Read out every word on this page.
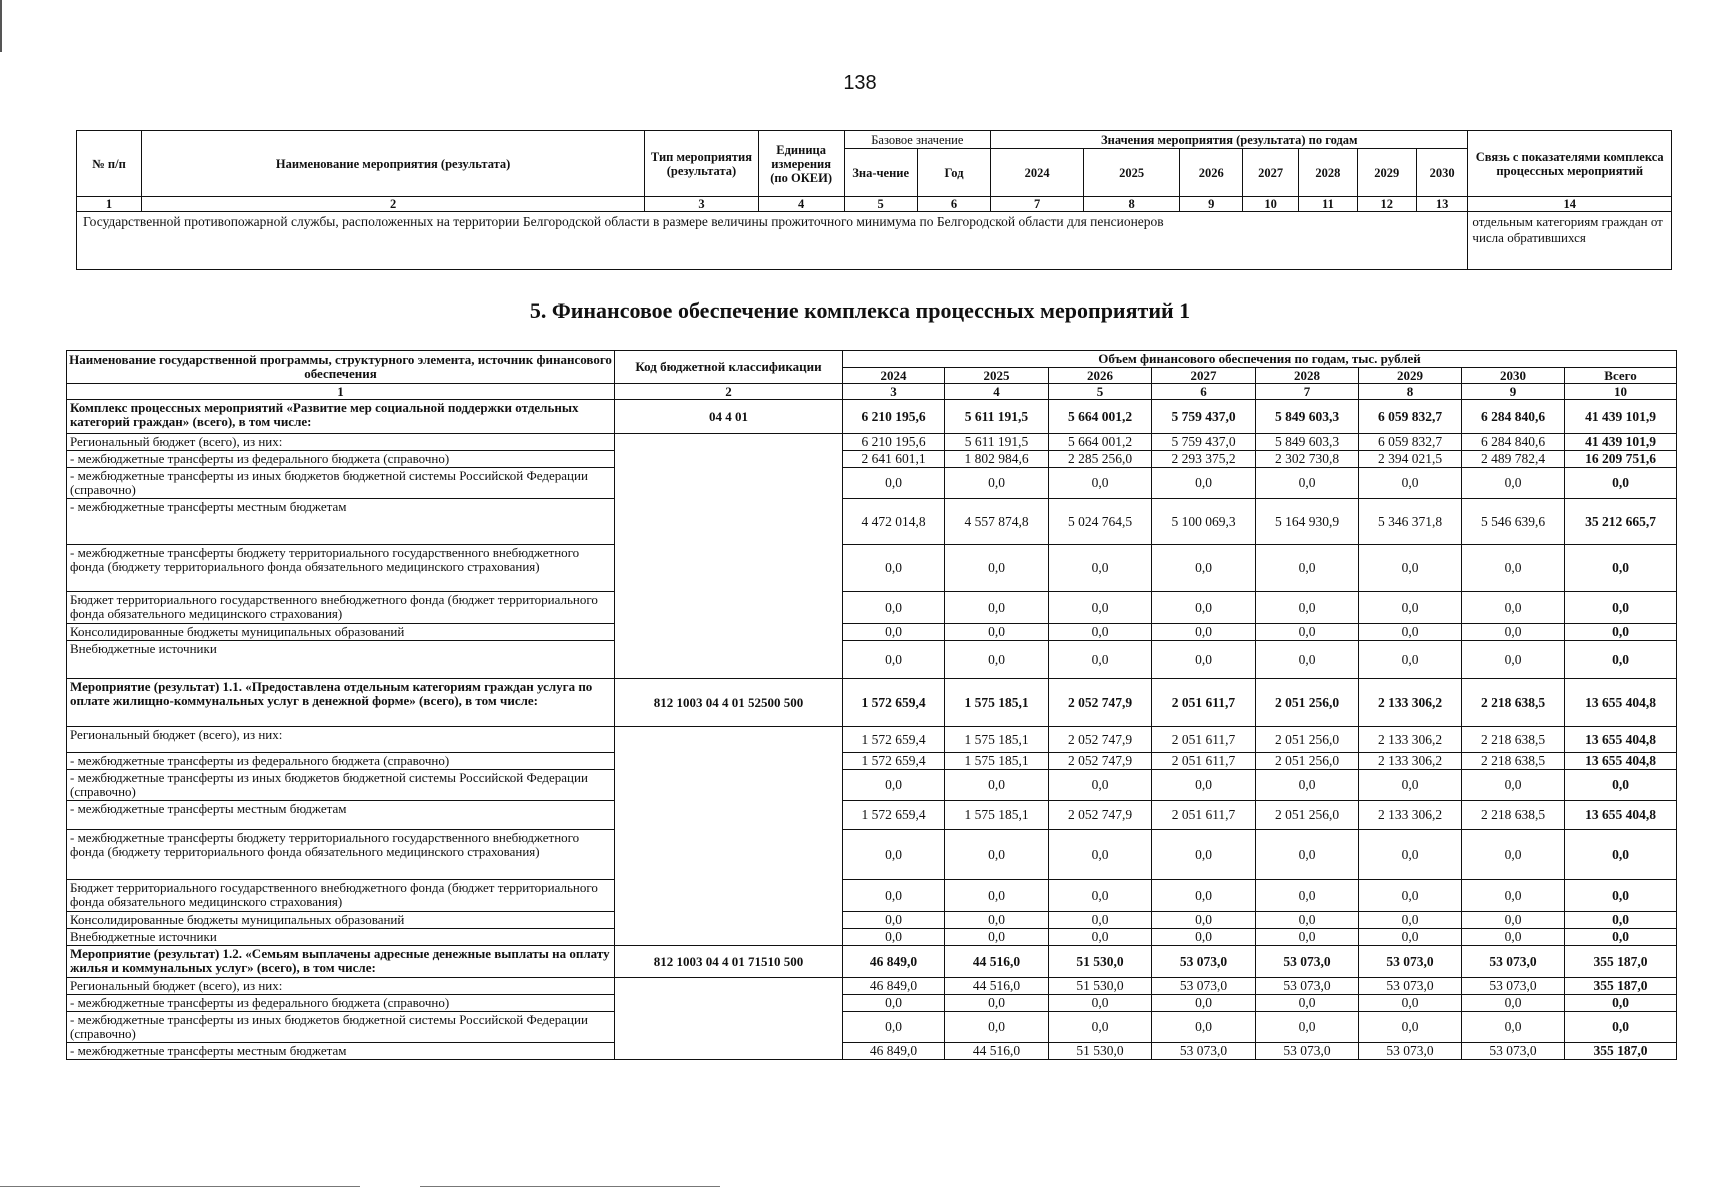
138
№ п/п	Наименование мероприятия (результата)	Тип мероприятия (результата)	Единица измерения (по ОКЕИ)	Базовое значение		Значения мероприятия (результата) по годам							Связь с показателями комплекса процессных мероприятий
				Зна-чение	Год	2024	2025	2026	2027	2028	2029	2030	
1	2	3	4	5	6	7	8	9	10	11	12	13	14
Государственной противопожарной службы, расположенных на территории Белгородской области в размере величины прожиточного минимума по Белгородской области для пенсионеров													отдельным категориям граждан от числа обратившихся
5. Финансовое обеспечение комплекса процессных мероприятий 1
Наименование государственной программы, структурного элемента, источник финансового обеспечения	Код бюджетной классификации	Объем финансового обеспечения по годам, тыс. рублей							
		2024	2025	2026	2027	2028	2029	2030	Всего
1	2	3	4	5	6	7	8	9	10
Комплекс процессных мероприятий «Развитие мер социальной поддержки отдельных категорий граждан» (всего), в том числе:	04 4 01	6 210 195,6	5 611 191,5	5 664 001,2	5 759 437,0	5 849 603,3	6 059 832,7	6 284 840,6	41 439 101,9
Региональный бюджет (всего), из них:		6 210 195,6	5 611 191,5	5 664 001,2	5 759 437,0	5 849 603,3	6 059 832,7	6 284 840,6	41 439 101,9
- межбюджетные трансферты из федерального бюджета (справочно)		2 641 601,1	1 802 984,6	2 285 256,0	2 293 375,2	2 302 730,8	2 394 021,5	2 489 782,4	16 209 751,6
- межбюджетные трансферты из иных бюджетов бюджетной системы Российской Федерации (справочно)		0,0	0,0	0,0	0,0	0,0	0,0	0,0	0,0
- межбюджетные трансферты местным бюджетам		4 472 014,8	4 557 874,8	5 024 764,5	5 100 069,3	5 164 930,9	5 346 371,8	5 546 639,6	35 212 665,7
- межбюджетные трансферты бюджету территориального государственного внебюджетного фонда (бюджету территориального фонда обязательного медицинского страхования)		0,0	0,0	0,0	0,0	0,0	0,0	0,0	0,0
Бюджет территориального государственного внебюджетного фонда (бюджет территориального фонда обязательного медицинского страхования)		0,0	0,0	0,0	0,0	0,0	0,0	0,0	0,0
Консолидированные бюджеты муниципальных образований		0,0	0,0	0,0	0,0	0,0	0,0	0,0	0,0
Внебюджетные источники		0,0	0,0	0,0	0,0	0,0	0,0	0,0	0,0
Мероприятие (результат) 1.1. «Предоставлена отдельным категориям граждан услуга по оплате жилищно-коммунальных услуг в денежной форме» (всего), в том числе:	812 1003 04 4 01 52500 500	1 572 659,4	1 575 185,1	2 052 747,9	2 051 611,7	2 051 256,0	2 133 306,2	2 218 638,5	13 655 404,8
Региональный бюджет (всего), из них:		1 572 659,4	1 575 185,1	2 052 747,9	2 051 611,7	2 051 256,0	2 133 306,2	2 218 638,5	13 655 404,8
- межбюджетные трансферты из федерального бюджета (справочно)		1 572 659,4	1 575 185,1	2 052 747,9	2 051 611,7	2 051 256,0	2 133 306,2	2 218 638,5	13 655 404,8
- межбюджетные трансферты из иных бюджетов бюджетной системы Российской Федерации (справочно)		0,0	0,0	0,0	0,0	0,0	0,0	0,0	0,0
- межбюджетные трансферты местным бюджетам		1 572 659,4	1 575 185,1	2 052 747,9	2 051 611,7	2 051 256,0	2 133 306,2	2 218 638,5	13 655 404,8
- межбюджетные трансферты бюджету территориального государственного внебюджетного фонда (бюджету территориального фонда обязательного медицинского страхования)		0,0	0,0	0,0	0,0	0,0	0,0	0,0	0,0
Бюджет территориального государственного внебюджетного фонда (бюджет территориального фонда обязательного медицинского страхования)		0,0	0,0	0,0	0,0	0,0	0,0	0,0	0,0
Консолидированные бюджеты муниципальных образований		0,0	0,0	0,0	0,0	0,0	0,0	0,0	0,0
Внебюджетные источники		0,0	0,0	0,0	0,0	0,0	0,0	0,0	0,0
Мероприятие (результат) 1.2. «Семьям выплачены адресные денежные выплаты на оплату жилья и коммунальных услуг» (всего), в том числе:	812 1003 04 4 01 71510 500	46 849,0	44 516,0	51 530,0	53 073,0	53 073,0	53 073,0	53 073,0	355 187,0
Региональный бюджет (всего), из них:		46 849,0	44 516,0	51 530,0	53 073,0	53 073,0	53 073,0	53 073,0	355 187,0
- межбюджетные трансферты из федерального бюджета (справочно)		0,0	0,0	0,0	0,0	0,0	0,0	0,0	0,0
- межбюджетные трансферты из иных бюджетов бюджетной системы Российской Федерации (справочно)		0,0	0,0	0,0	0,0	0,0	0,0	0,0	0,0
- межбюджетные трансферты местным бюджетам		46 849,0	44 516,0	51 530,0	53 073,0	53 073,0	53 073,0	53 073,0	355 187,0
